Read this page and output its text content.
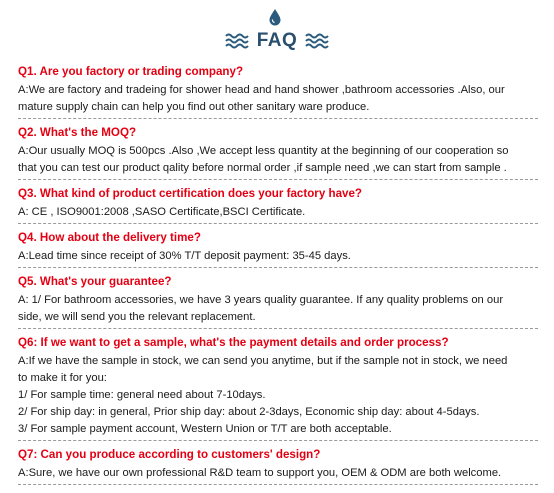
FAQ
Q1. Are you factory or trading company?
A:We are factory and tradeing for shower head and hand shower ,bathroom accessories .Also, our
mature supply chain can help you find out other sanitary ware produce.
Q2. What's the MOQ?
A:Our usually MOQ is 500pcs .Also ,We accept less quantity at the beginning of our cooperation so
that you can test our product qality before normal order ,if sample need ,we can start from sample .
Q3. What kind of product certification does your factory have?
A: CE , ISO9001:2008 ,SASO Certificate,BSCI Certificate.
Q4. How about the delivery time?
A:Lead time since receipt of 30% T/T deposit payment: 35-45 days.
Q5. What's your guarantee?
A: 1/ For bathroom accessories, we have 3 years quality guarantee. If any quality problems on our
side, we will send you the relevant replacement.
Q6: If we want to get a sample, what's the payment details and order process?
A:If we have the sample in stock, we can send you anytime, but if the sample not in stock, we need
to make it for you:
1/ For sample time: general need about 7-10days.
2/ For ship day: in general, Prior ship day: about 2-3days, Economic ship day: about 4-5days.
3/ For sample payment account, Western Union or T/T are both acceptable.
Q7: Can you produce according to customers' design?
A:Sure, we have our own professional R&D team to support you, OEM & ODM are both welcome.
